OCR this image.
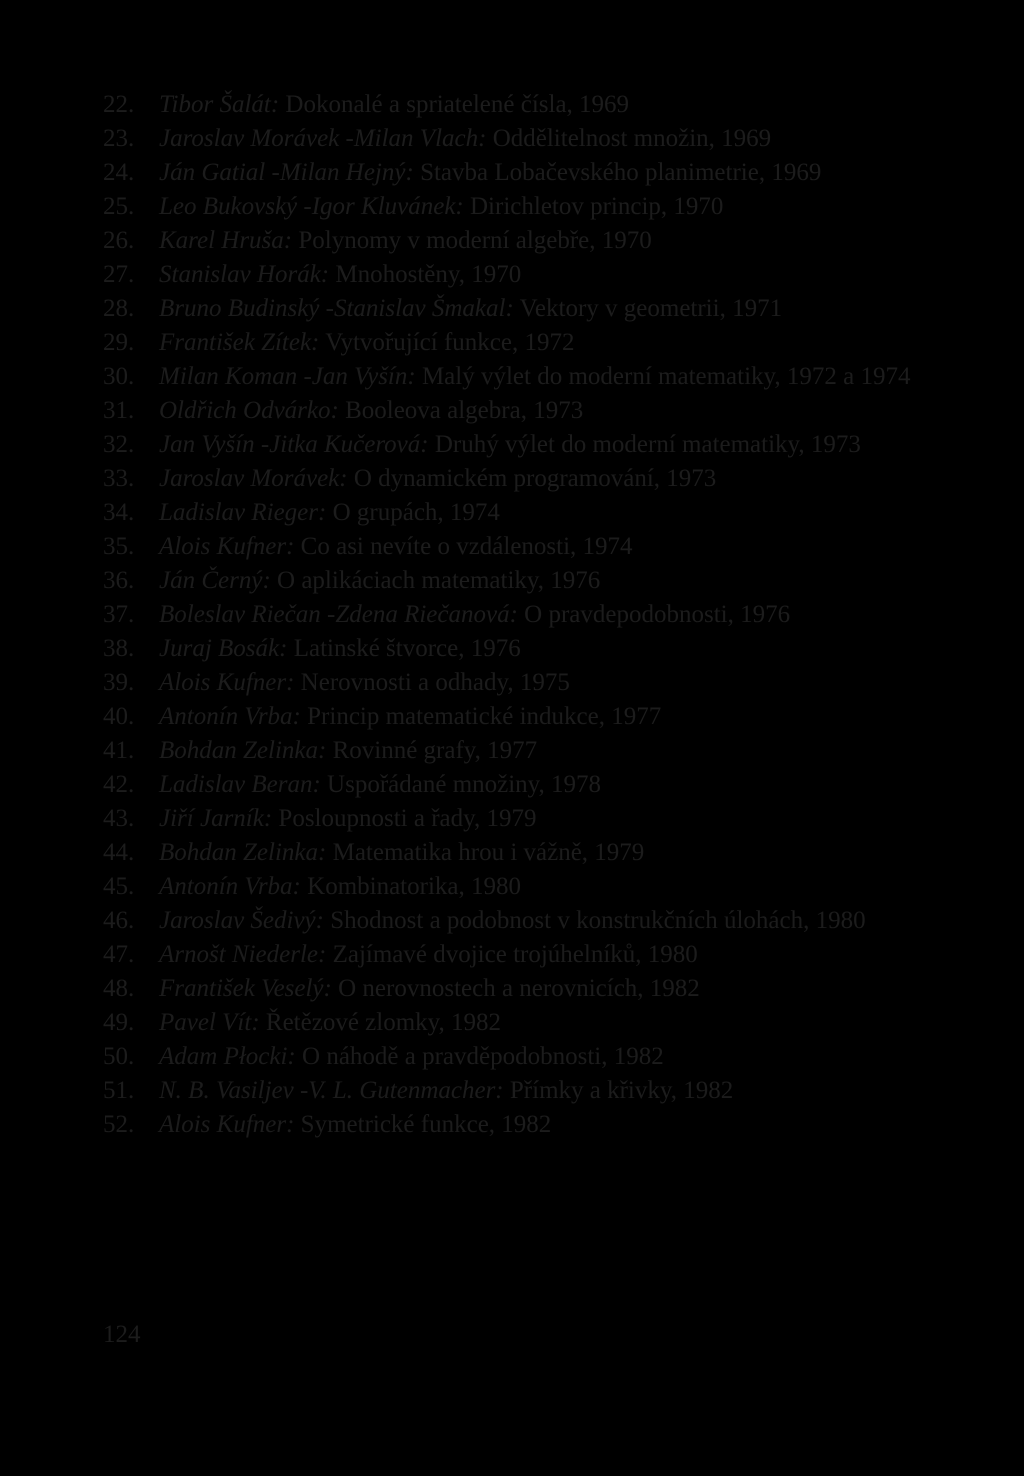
22. Tibor Šalát: Dokonalé a spriatelené čísla, 1969
23. Jaroslav Morávek -Milan Vlach: Oddělitelnost množin, 1969
24. Ján Gatial -Milan Hejný: Stavba Lobačevského planimetrie, 1969
25. Leo Bukovský -Igor Kluvánek: Dirichletov princip, 1970
26. Karel Hruša: Polynomy v moderní algebře, 1970
27. Stanislav Horák: Mnohostěny, 1970
28. Bruno Budinský -Stanislav Šmakal: Vektory v geometrii, 1971
29. František Zítek: Vytvořující funkce, 1972
30. Milan Koman -Jan Vyšín: Malý výlet do moderní matematiky, 1972 a 1974
31. Oldřich Odvárko: Booleova algebra, 1973
32. Jan Vyšín -Jitka Kučerová: Druhý výlet do moderní matematiky, 1973
33. Jaroslav Morávek: O dynamickém programování, 1973
34. Ladislav Rieger: O grupách, 1974
35. Alois Kufner: Co asi nevíte o vzdálenosti, 1974
36. Ján Černý: O aplikáciach matematiky, 1976
37. Boleslav Riečan -Zdena Riečanová: O pravdepodobnosti, 1976
38. Juraj Bosák: Latinské štvorce, 1976
39. Alois Kufner: Nerovnosti a odhady, 1975
40. Antonín Vrba: Princip matematické indukce, 1977
41. Bohdan Zelinka: Rovinné grafy, 1977
42. Ladislav Beran: Uspořádané množiny, 1978
43. Jiří Jarník: Posloupnosti a řady, 1979
44. Bohdan Zelinka: Matematika hrou i vážně, 1979
45. Antonín Vrba: Kombinatorika, 1980
46. Jaroslav Šedivý: Shodnost a podobnost v konstrukčních úlohách, 1980
47. Arnošt Niederle: Zajímavé dvojice trojúhelníků, 1980
48. František Veselý: O nerovnostech a nerovnicích, 1982
49. Pavel Vít: Řetězové zlomky, 1982
50. Adam Płocki: O náhodě a pravděpodobnosti, 1982
51. N. B. Vasiljev -V. L. Gutenmacher: Přímky a křivky, 1982
52. Alois Kufner: Symetrické funkce, 1982
124
